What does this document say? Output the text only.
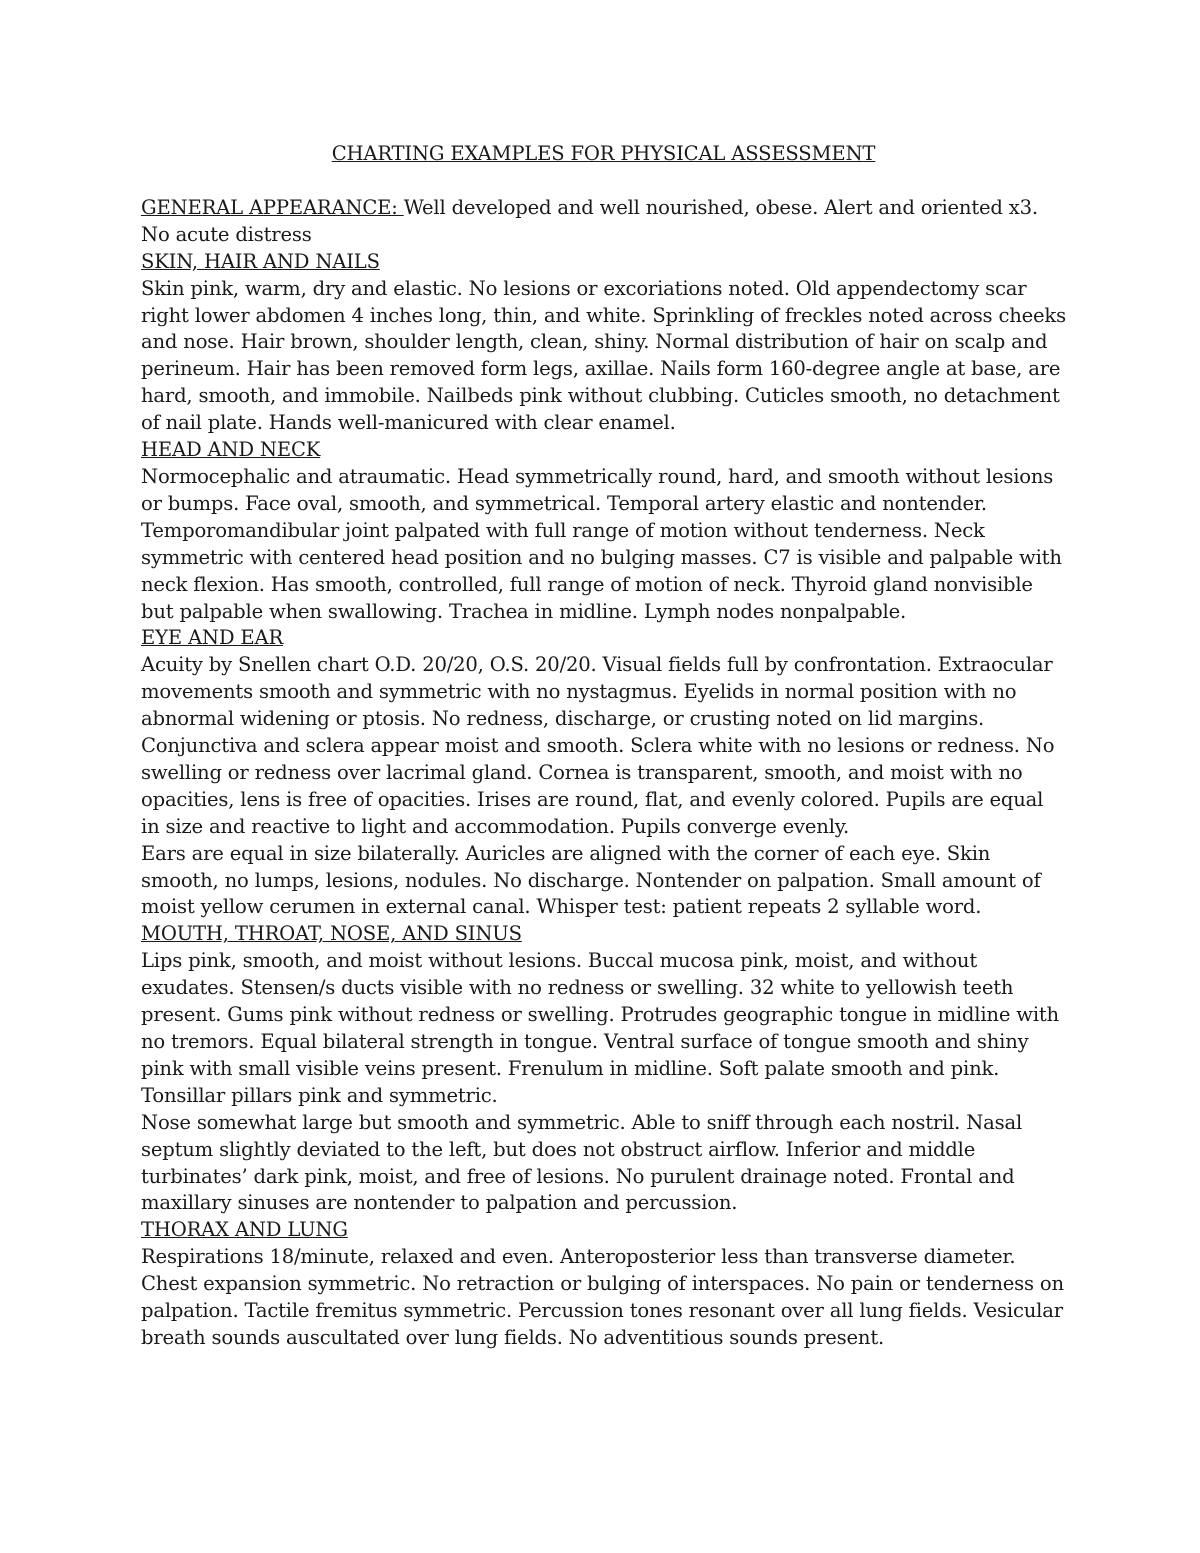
CHARTING EXAMPLES FOR PHYSICAL ASSESSMENT

GENERAL APPEARANCE: Well developed and well nourished, obese. Alert and oriented x3. No acute distress

SKIN, HAIR AND NAILS

Skin pink, warm, dry and elastic. No lesions or excoriations noted. Old appendectomy scar right lower abdomen 4 inches long, thin, and white. Sprinkling of freckles noted across cheeks and nose. Hair brown, shoulder length, clean, shiny. Normal distribution of hair on scalp and perineum. Hair has been removed form legs, axillae. Nails form 160-degree angle at base, are hard, smooth, and immobile. Nailbeds pink without clubbing. Cuticles smooth, no detachment of nail plate. Hands well-manicured with clear enamel.

HEAD AND NECK

Normocephalic and atraumatic. Head symmetrically round, hard, and smooth without lesions or bumps. Face oval, smooth, and symmetrical. Temporal artery elastic and nontender. Temporomandibular joint palpated with full range of motion without tenderness. Neck symmetric with centered head position and no bulging masses. C7 is visible and palpable with neck flexion. Has smooth, controlled, full range of motion of neck. Thyroid gland nonvisible but palpable when swallowing. Trachea in midline. Lymph nodes nonpalpable.

EYE AND EAR

Acuity by Snellen chart O.D. 20/20, O.S. 20/20. Visual fields full by confrontation. Extraocular movements smooth and symmetric with no nystagmus. Eyelids in normal position with no abnormal widening or ptosis. No redness, discharge, or crusting noted on lid margins. Conjunctiva and sclera appear moist and smooth. Sclera white with no lesions or redness. No swelling or redness over lacrimal gland. Cornea is transparent, smooth, and moist with no opacities, lens is free of opacities. Irises are round, flat, and evenly colored. Pupils are equal in size and reactive to light and accommodation. Pupils converge evenly.

Ears are equal in size bilaterally. Auricles are aligned with the corner of each eye. Skin smooth, no lumps, lesions, nodules. No discharge. Nontender on palpation. Small amount of moist yellow cerumen in external canal. Whisper test: patient repeats 2 syllable word.

MOUTH, THROAT, NOSE, AND SINUS

Lips pink, smooth, and moist without lesions. Buccal mucosa pink, moist, and without exudates. Stensen/s ducts visible with no redness or swelling. 32 white to yellowish teeth present. Gums pink without redness or swelling. Protrudes geographic tongue in midline with no tremors. Equal bilateral strength in tongue. Ventral surface of tongue smooth and shiny pink with small visible veins present. Frenulum in midline. Soft palate smooth and pink. Tonsillar pillars pink and symmetric.

Nose somewhat large but smooth and symmetric. Able to sniff through each nostril. Nasal septum slightly deviated to the left, but does not obstruct airflow. Inferior and middle turbinates’ dark pink, moist, and free of lesions. No purulent drainage noted. Frontal and maxillary sinuses are nontender to palpation and percussion.

THORAX AND LUNG

Respirations 18/minute, relaxed and even. Anteroposterior less than transverse diameter. Chest expansion symmetric. No retraction or bulging of interspaces. No pain or tenderness on palpation. Tactile fremitus symmetric. Percussion tones resonant over all lung fields. Vesicular breath sounds auscultated over lung fields. No adventitious sounds present.
